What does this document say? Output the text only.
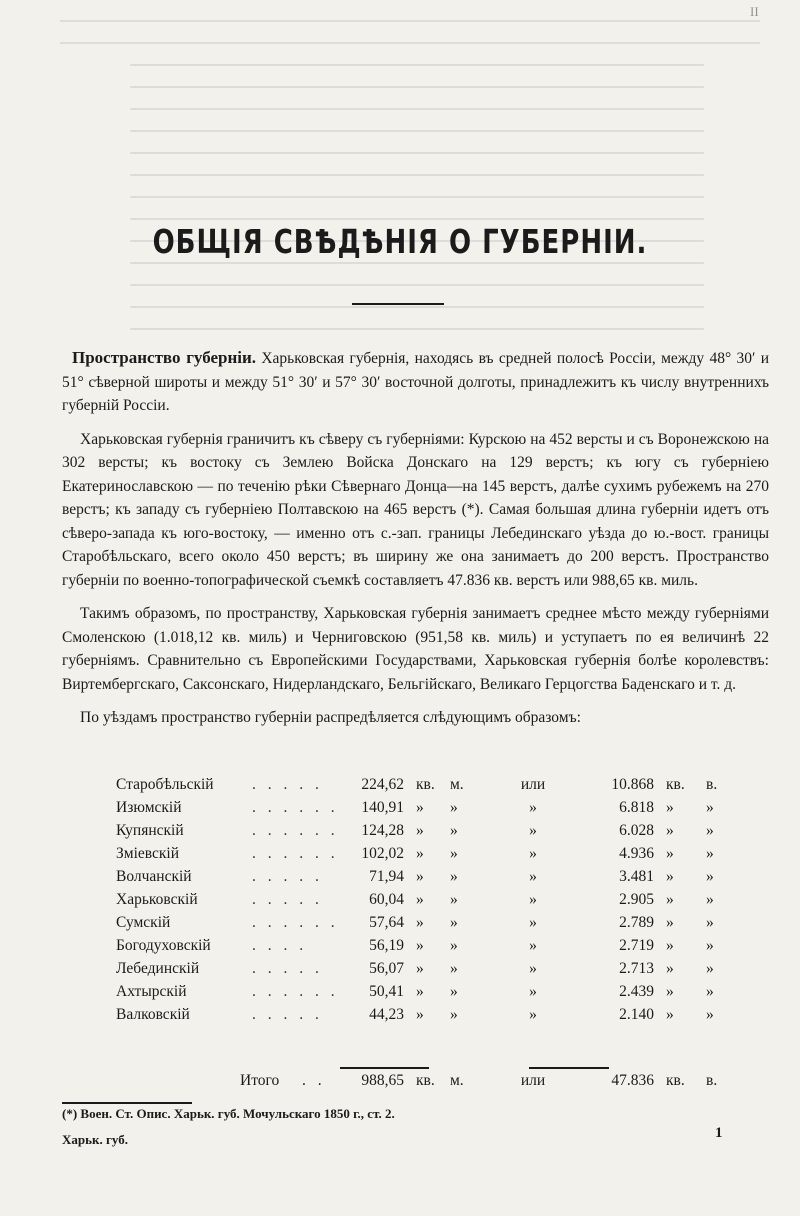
II
ОБЩІЯ СВѢДѢНІЯ О ГУБЕРНІИ.

Пространство губерніи. Харьковская губернія, находясь въ средней полосѣ Россіи, между 48° 30′ и 51° сѣверной широты и между 51° 30′ и 57° 30′ восточной долготы, принадлежитъ къ числу внутреннихъ губерній Россіи.

Харьковская губернія граничитъ къ сѣверу съ губерніями: Курскою на 452 версты и съ Воронежскою на 302 версты; къ востоку съ Землею Войска Донскаго на 129 верстъ; къ югу съ губерніею Екатеринославскою — по теченію рѣки Сѣвернаго Донца—на 145 верстъ, далѣе сухимъ рубежемъ на 270 верстъ; къ западу съ губерніею Полтавскою на 465 верстъ (*). Самая большая длина губерніи идетъ отъ сѣверо-запада къ юго-востоку, — именно отъ с.-зап. границы Лебединскаго уѣзда до ю.-вост. границы Старобѣльскаго, всего около 450 верстъ; въ ширину же она занимаетъ до 200 верстъ. Пространство губерніи по военно-топографической съемкѣ составляетъ 47.836 кв. верстъ или 988,65 кв. миль.

Такимъ образомъ, по пространству, Харьковская губернія занимаетъ среднее мѣсто между губерніями Смоленскою (1.018,12 кв. миль) и Черниговскою (951,58 кв. миль) и уступаетъ по ея величинѣ 22 губерніямъ. Сравнительно съ Европейскими Государствами, Харьковская губернія болѣе королевствъ: Виртембергскаго, Саксонскаго, Нидерландскаго, Бельгійскаго, Великаго Герцогства Баденскаго и т. д.

По уѣздамъ пространство губерніи распредѣляется слѣдующимъ образомъ:

Старобѣльскій . . . . .	224,62 кв. м.	или	10.868 кв. в.
Изюмскій	. . . . . .	140,91 » »	»	6.818 » »
Купянскій	. . . . . .	124,28 » »	»	6.028 » »
Зміевскій	. . . . . .	102,02 » »	»	4.936 » »
Волчанскій	. . . . .	71,94 » »	»	3.481 » »
Харьковскій	. . . . .	60,04 » »	»	2.905 » »
Сумскій	. . . . . .	57,64 » »	»	2.789 » »
Богодуховскій	. . . .	56,19 » »	»	2.719 » »
Лебединскій	. . . . .	56,07 » »	»	2.713 » »
Ахтырскій	. . . . . .	50,41 » »	»	2.439 » »
Валковскій	. . . . .	44,23 » »	»	2.140 » »
Итого . .	988,65 кв. м.	или	47.836 кв. в.
(*) Воен. Ст. Опис. Харьк. губ. Мочульскаго 1850 г., ст. 2.
Харьк. губ.	1
